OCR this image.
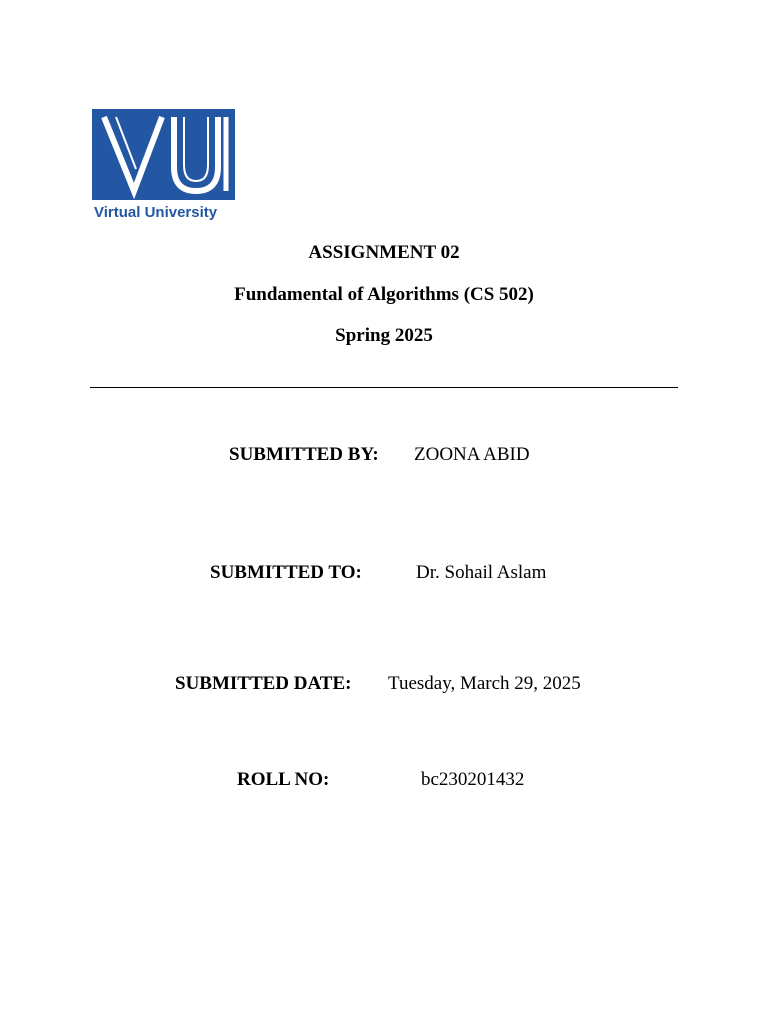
Virtual University
ASSIGNMENT 02
Fundamental of Algorithms (CS 502)
Spring 2025
SUBMITTED BY: ZOONA ABID
SUBMITTED TO:	Dr. Sohail Aslam
SUBMITTED DATE: Tuesday, March 29, 2025
ROLL NO:	bc230201432
